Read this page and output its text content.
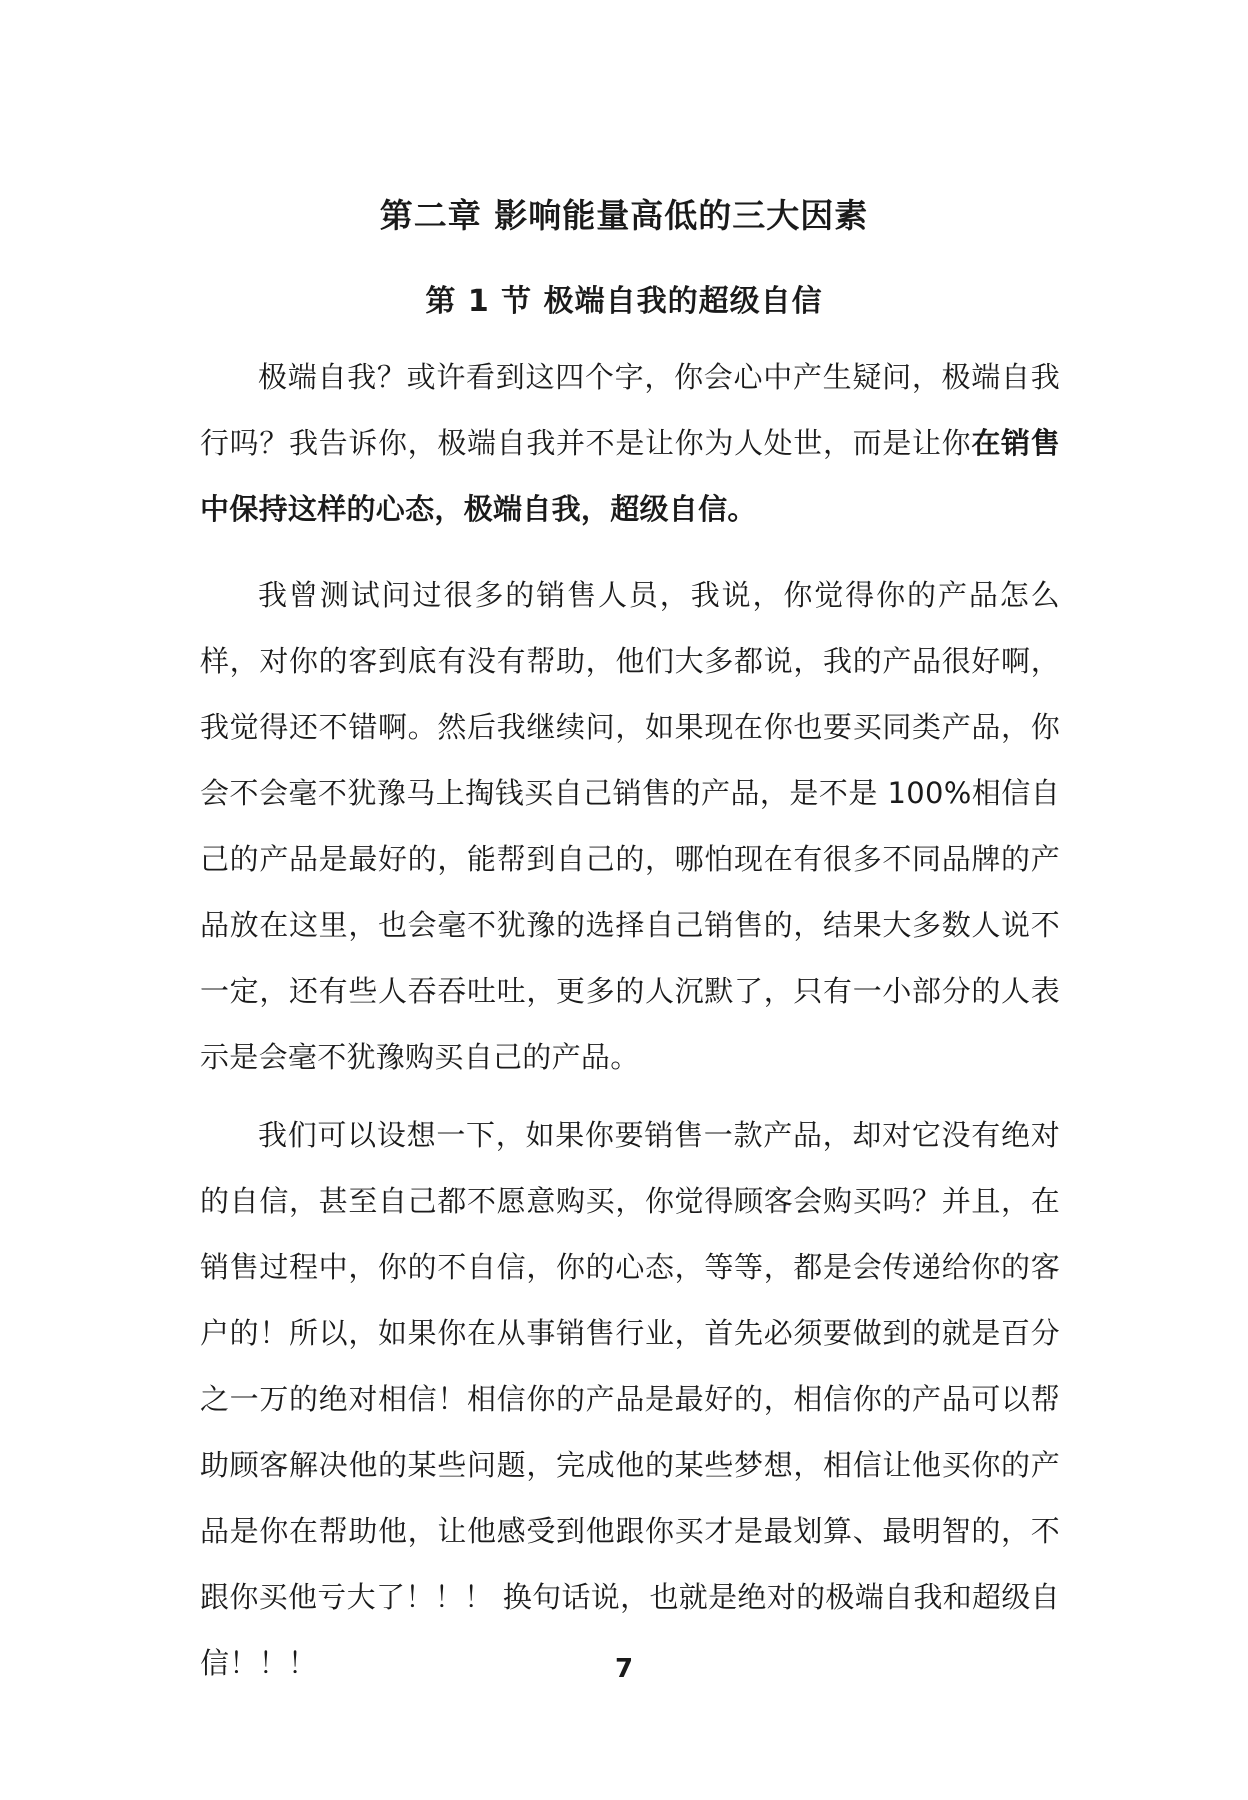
第二章 影响能量高低的三大因素
第 1 节 极端自我的超级自信

极端自我？或许看到这四个字，你会心中产生疑问，极端自我行吗？我告诉你，极端自我并不是让你为人处世，而是让你在销售中保持这样的心态，极端自我，超级自信。

我曾测试问过很多的销售人员，我说，你觉得你的产品怎么样，对你的客到底有没有帮助，他们大多都说，我的产品很好啊，我觉得还不错啊。然后我继续问，如果现在你也要买同类产品，你会不会毫不犹豫马上掏钱买自己销售的产品，是不是 100%相信自己的产品是最好的，能帮到自己的，哪怕现在有很多不同品牌的产品放在这里，也会毫不犹豫的选择自己销售的，结果大多数人说不一定，还有些人吞吞吐吐，更多的人沉默了，只有一小部分的人表示是会毫不犹豫购买自己的产品。

我们可以设想一下，如果你要销售一款产品，却对它没有绝对的自信，甚至自己都不愿意购买，你觉得顾客会购买吗？并且，在销售过程中，你的不自信，你的心态，等等，都是会传递给你的客户的！所以，如果你在从事销售行业，首先必须要做到的就是百分之一万的绝对相信！相信你的产品是最好的，相信你的产品可以帮助顾客解决他的某些问题，完成他的某些梦想，相信让他买你的产品是你在帮助他，让他感受到他跟你买才是最划算、最明智的，不跟你买他亏大了！！！ 换句话说，也就是绝对的极端自我和超级自信！！！	7
